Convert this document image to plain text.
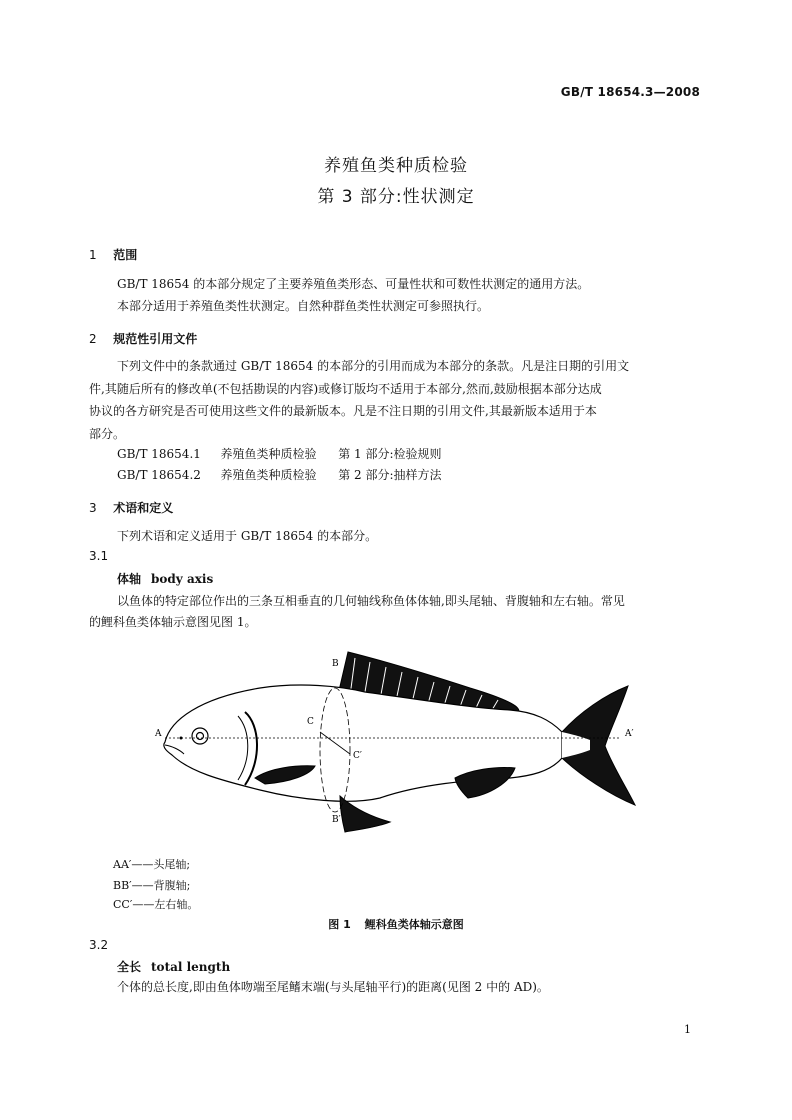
GB/T 18654.3—2008
养殖鱼类种质检验
第 3 部分:性状测定
1 范围
GB/T 18654 的本部分规定了主要养殖鱼类形态、可量性状和可数性状测定的通用方法。
本部分适用于养殖鱼类性状测定。自然种群鱼类性状测定可参照执行。
2 规范性引用文件
下列文件中的条款通过 GB/T 18654 的本部分的引用而成为本部分的条款。凡是注日期的引用文
件,其随后所有的修改单(不包括勘误的内容)或修订版均不适用于本部分,然而,鼓励根据本部分达成
协议的各方研究是否可使用这些文件的最新版本。凡是不注日期的引用文件,其最新版本适用于本
部分。
GB/T 18654.1 养殖鱼类种质检验 第 1 部分:检验规则
GB/T 18654.2 养殖鱼类种质检验 第 2 部分:抽样方法
3 术语和定义
下列术语和定义适用于 GB/T 18654 的本部分。
3.1
体轴 body axis
以鱼体的特定部位作出的三条互相垂直的几何轴线称鱼体体轴,即头尾轴、背腹轴和左右轴。常见
的鲤科鱼类体轴示意图见图 1。
A	A′
B
B′
C
C′
AA′——头尾轴;
BB′——背腹轴;
CC′——左右轴。
图 1 鲤科鱼类体轴示意图
3.2
全长 total length
个体的总长度,即由鱼体吻端至尾鳍末端(与头尾轴平行)的距离(见图 2 中的 AD)。
1
